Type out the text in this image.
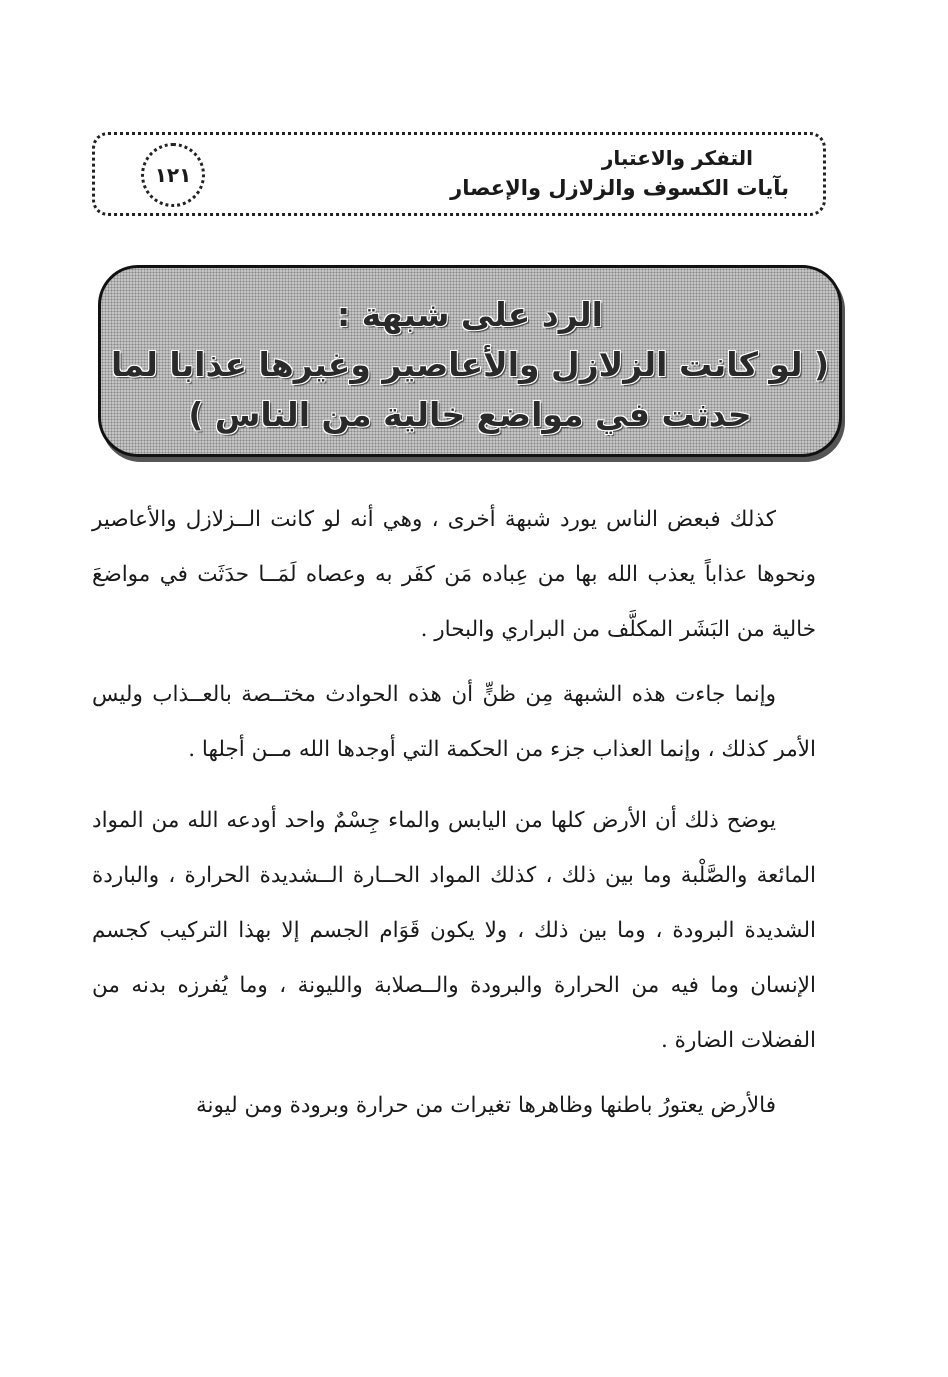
١٢١
التفكر والاعتبار
بآيات الكسوف والزلازل والإعصار
الرد على شبهة :
( لو كانت الزلازل والأعاصير وغيرها عذابا لما
حدثت في مواضع خالية من الناس )

كذلك فبعض الناس يورد شبهة أخرى ، وهي أنه لو كانت الــزلازل والأعاصير ونحوها عذاباً يعذب الله بها من عِباده مَن كفَر به وعصاه لَمَــا حدَثَت في مواضعَ خالية من البَشَر المكلَّف من البراري والبحار .

وإنما جاءت هذه الشبهة مِن ظنٍّ أن هذه الحوادث مختــصة بالعــذاب وليس الأمر كذلك ، وإنما العذاب جزء من الحكمة التي أوجدها الله مــن أجلها .

يوضح ذلك أن الأرض كلها من اليابس والماء جِسْمٌ واحد أودعه الله من المواد المائعة والصَّلْبة وما بين ذلك ، كذلك المواد الحــارة الــشديدة الحرارة ، والباردة الشديدة البرودة ، وما بين ذلك ، ولا يكون قَوَام الجسم إلا بهذا التركيب كجسم الإنسان وما فيه من الحرارة والبرودة والــصلابة والليونة ، وما يُفرزه بدنه من الفضلات الضارة .

فالأرض يعتورُ باطنها وظاهرها تغيرات من حرارة وبرودة ومن ليونة
